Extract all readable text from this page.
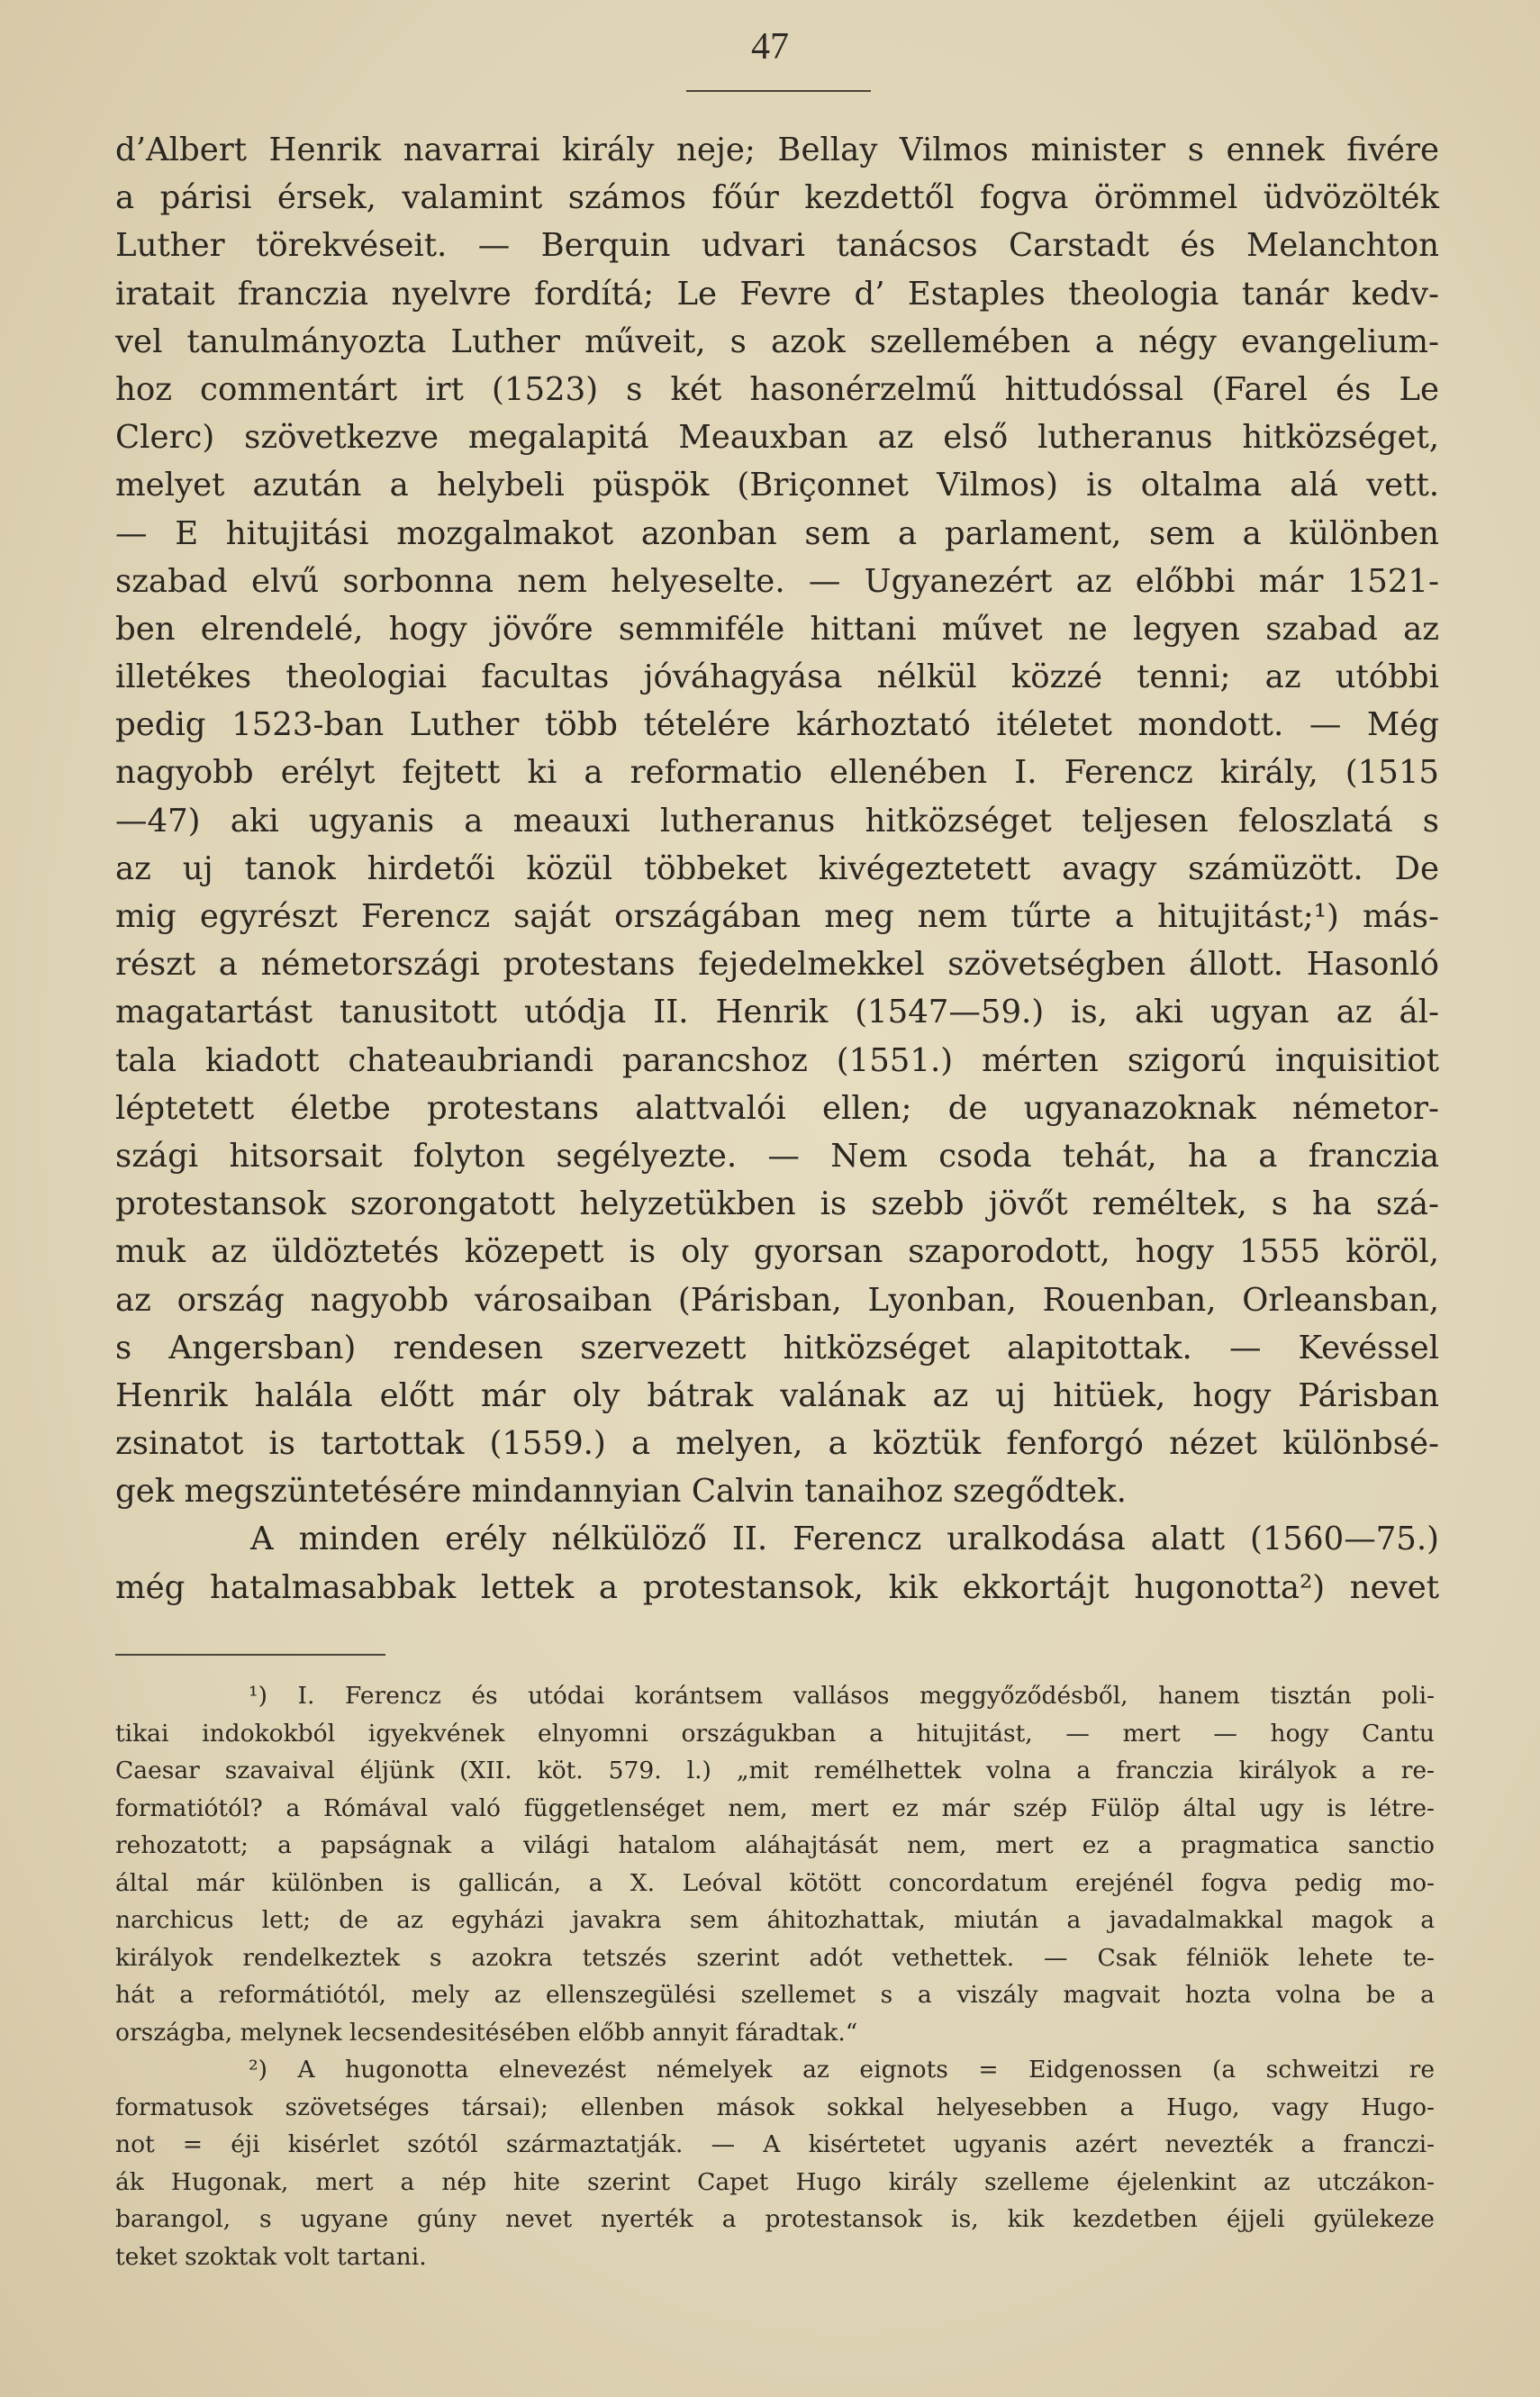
47
d’Albert Henrik navarrai király neje; Bellay Vilmos minister s ennek fivére
a párisi érsek, valamint számos főúr kezdettől fogva örömmel üdvözölték
Luther törekvéseit. — Berquin udvari tanácsos Carstadt és Melanchton
iratait franczia nyelvre fordítá; Le Fevre d’ Estaples theologia tanár kedv-
vel tanulmányozta Luther műveit, s azok szellemében a négy evangelium-
hoz commentárt irt (1523) s két hasonérzelmű hittudóssal (Farel és Le
Clerc) szövetkezve megalapitá Meauxban az első lutheranus hitközséget,
melyet azután a helybeli püspök (Briçonnet Vilmos) is oltalma alá vett.
— E hitujitási mozgalmakot azonban sem a parlament, sem a különben
szabad elvű sorbonna nem helyeselte. — Ugyanezért az előbbi már 1521-
ben elrendelé, hogy jövőre semmiféle hittani művet ne legyen szabad az
illetékes theologiai facultas jóváhagyása nélkül közzé tenni; az utóbbi
pedig 1523-ban Luther több tételére kárhoztató itéletet mondott. — Még
nagyobb erélyt fejtett ki a reformatio ellenében I. Ferencz király, (1515
—47) aki ugyanis a meauxi lutheranus hitközséget teljesen feloszlatá s
az uj tanok hirdetői közül többeket kivégeztetett avagy számüzött. De
mig egyrészt Ferencz saját országában meg nem tűrte a hitujitást;¹) más-
részt a németországi protestans fejedelmekkel szövetségben állott. Hasonló
magatartást tanusitott utódja II. Henrik (1547—59.) is, aki ugyan az ál-
tala kiadott chateaubriandi parancshoz (1551.) mérten szigorú inquisitiot
léptetett életbe protestans alattvalói ellen; de ugyanazoknak németor-
szági hitsorsait folyton segélyezte. — Nem csoda tehát, ha a franczia
protestansok szorongatott helyzetükben is szebb jövőt reméltek, s ha szá-
muk az üldöztetés közepett is oly gyorsan szaporodott, hogy 1555 köröl,
az ország nagyobb városaiban (Párisban, Lyonban, Rouenban, Orleansban,
s Angersban) rendesen szervezett hitközséget alapitottak. — Kevéssel
Henrik halála előtt már oly bátrak valának az uj hitüek, hogy Párisban
zsinatot is tartottak (1559.) a melyen, a köztük fenforgó nézet különbsé-
gek megszüntetésére mindannyian Calvin tanaihoz szegődtek.
A minden erély nélkülöző II. Ferencz uralkodása alatt (1560—75.)
még hatalmasabbak lettek a protestansok, kik ekkortájt hugonotta²) nevet
¹) I. Ferencz és utódai korántsem vallásos meggyőződésből, hanem tisztán poli-
tikai indokokból igyekvének elnyomni országukban a hitujitást, — mert — hogy Cantu
Caesar szavaival éljünk (XII. köt. 579. l.) „mit remélhettek volna a franczia királyok a re-
formatiótól? a Rómával való függetlenséget nem, mert ez már szép Fülöp által ugy is létre-
rehozatott; a papságnak a világi hatalom aláhajtását nem, mert ez a pragmatica sanctio
által már különben is gallicán, a X. Leóval kötött concordatum erejénél fogva pedig mo-
narchicus lett; de az egyházi javakra sem áhitozhattak, miután a javadalmakkal magok a
királyok rendelkeztek s azokra tetszés szerint adót vethettek. — Csak félniök lehete te-
hát a reformátiótól, mely az ellenszegülési szellemet s a viszály magvait hozta volna be a
országba, melynek lecsendesitésében előbb annyit fáradtak.“
²) A hugonotta elnevezést némelyek az eignots = Eidgenossen (a schweitzi re
formatusok szövetséges társai); ellenben mások sokkal helyesebben a Hugo, vagy Hugo-
not = éji kisérlet szótól származtatják. — A kisértetet ugyanis azért nevezték a franczi-
ák Hugonak, mert a nép hite szerint Capet Hugo király szelleme éjelenkint az utczákon-
barangol, s ugyane gúny nevet nyerték a protestansok is, kik kezdetben éjjeli gyülekeze
teket szoktak volt tartani.
